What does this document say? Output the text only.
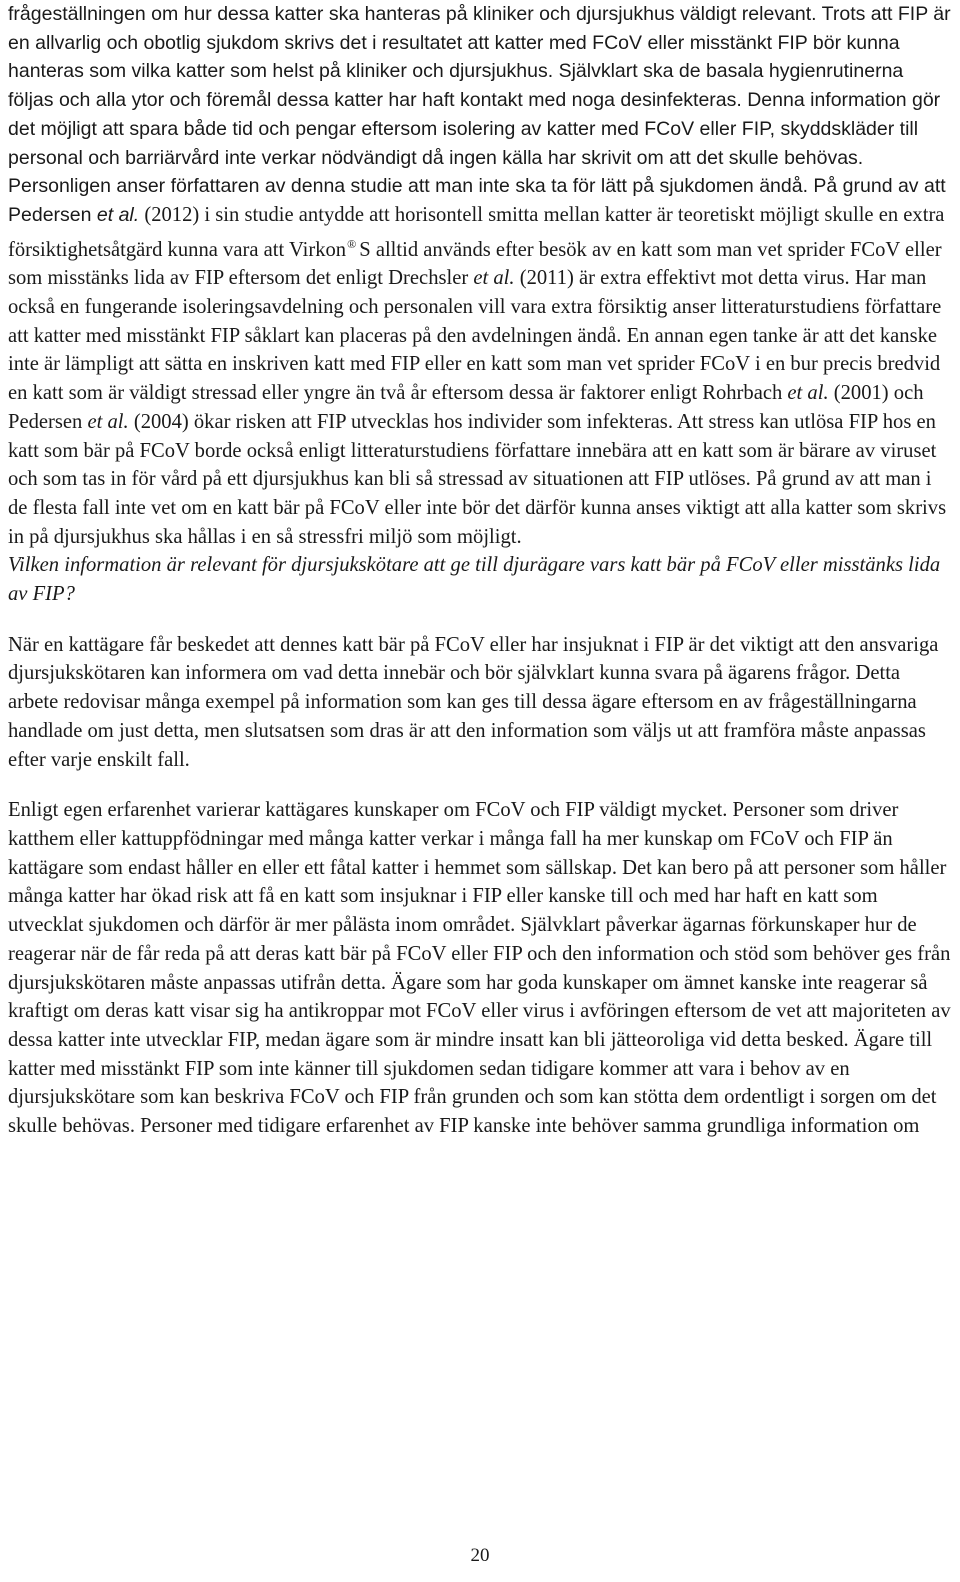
frågeställningen om hur dessa katter ska hanteras på kliniker och djursjukhus väldigt relevant. Trots att FIP är en allvarlig och obotlig sjukdom skrivs det i resultatet att katter med FCoV eller misstänkt FIP bör kunna hanteras som vilka katter som helst på kliniker och djursjukhus. Självklart ska de basala hygienrutinerna följas och alla ytor och föremål dessa katter har haft kontakt med noga desinfekteras. Denna information gör det möjligt att spara både tid och pengar eftersom isolering av katter med FCoV eller FIP, skyddskläder till personal och barriärvård inte verkar nödvändigt då ingen källa har skrivit om att det skulle behövas. Personligen anser författaren av denna studie att man inte ska ta för lätt på sjukdomen ändå. På grund av att Pedersen et al. (2012) i sin studie antydde att horisontell smitta mellan katter är teoretiskt möjligt skulle en extra försiktighetsåtgärd kunna vara att Virkon® S alltid används efter besök av en katt som man vet sprider FCoV eller som misstänks lida av FIP eftersom det enligt Drechsler et al. (2011) är extra effektivt mot detta virus. Har man också en fungerande isoleringsavdelning och personalen vill vara extra försiktig anser litteraturstudiens författare att katter med misstänkt FIP såklart kan placeras på den avdelningen ändå. En annan egen tanke är att det kanske inte är lämpligt att sätta en inskriven katt med FIP eller en katt som man vet sprider FCoV i en bur precis bredvid en katt som är väldigt stressad eller yngre än två år eftersom dessa är faktorer enligt Rohrbach et al. (2001) och Pedersen et al. (2004) ökar risken att FIP utvecklas hos individer som infekteras. Att stress kan utlösa FIP hos en katt som bär på FCoV borde också enligt litteraturstudiens författare innebära att en katt som är bärare av viruset och som tas in för vård på ett djursjukhus kan bli så stressad av situationen att FIP utlöses. På grund av att man i de flesta fall inte vet om en katt bär på FCoV eller inte bör det därför kunna anses viktigt att alla katter som skrivs in på djursjukhus ska hållas i en så stressfri miljö som möjligt.

Vilken information är relevant för djursjukskötare att ge till djurägare vars katt bär på FCoV eller misstänks lida av FIP?

När en kattägare får beskedet att dennes katt bär på FCoV eller har insjuknat i FIP är det viktigt att den ansvariga djursjukskötaren kan informera om vad detta innebär och bör självklart kunna svara på ägarens frågor. Detta arbete redovisar många exempel på information som kan ges till dessa ägare eftersom en av frågeställningarna handlade om just detta, men slutsatsen som dras är att den information som väljs ut att framföra måste anpassas efter varje enskilt fall.

Enligt egen erfarenhet varierar kattägares kunskaper om FCoV och FIP väldigt mycket. Personer som driver katthem eller kattuppfödningar med många katter verkar i många fall ha mer kunskap om FCoV och FIP än kattägare som endast håller en eller ett fåtal katter i hemmet som sällskap. Det kan bero på att personer som håller många katter har ökad risk att få en katt som insjuknar i FIP eller kanske till och med har haft en katt som utvecklat sjukdomen och därför är mer pålästa inom området. Självklart påverkar ägarnas förkunskaper hur de reagerar när de får reda på att deras katt bär på FCoV eller FIP och den information och stöd som behöver ges från djursjukskötaren måste anpassas utifrån detta. Ägare som har goda kunskaper om ämnet kanske inte reagerar så kraftigt om deras katt visar sig ha antikroppar mot FCoV eller virus i avföringen eftersom de vet att majoriteten av dessa katter inte utvecklar FIP, medan ägare som är mindre insatt kan bli jätteoroliga vid detta besked. Ägare till katter med misstänkt FIP som inte känner till sjukdomen sedan tidigare kommer att vara i behov av en djursjukskötare som kan beskriva FCoV och FIP från grunden och som kan stötta dem ordentligt i sorgen om det skulle behövas. Personer med tidigare erfarenhet av FIP kanske inte behöver samma grundliga information om

20
